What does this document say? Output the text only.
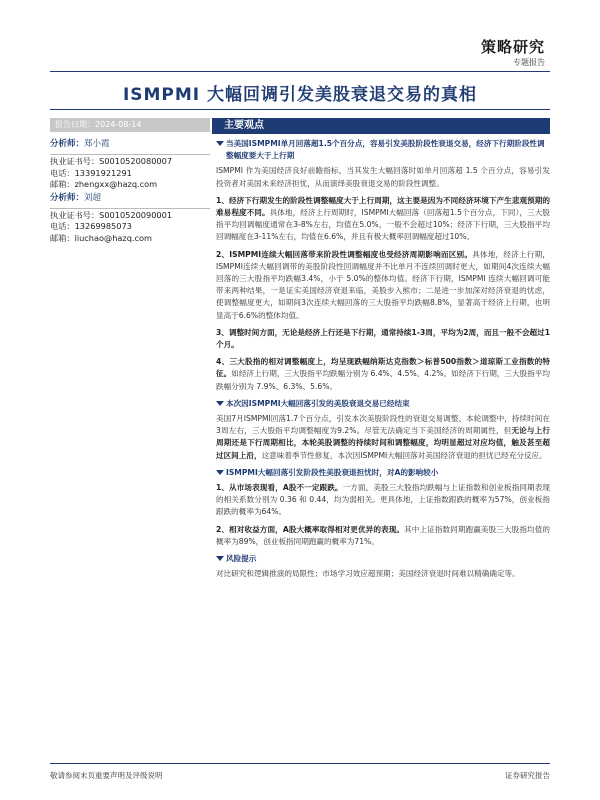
策略研究
专题报告
ISMPMI 大幅回调引发美股衰退交易的真相
报告日期：2024-08-14	主要观点
分析师：郑小霞
执业证书号：S0010520080007
电话：13391921291
邮箱：zhengxx@hazq.com
分析师：刘超
执业证书号：S0010520090001
电话：13269985073
邮箱：liuchao@hazq.com
当美国ISMPMI单月回落超1.5个百分点，容易引发美股阶段性衰退交易，经济下行期阶段性调整幅度要大于上行期
ISMPMI 作为美国经济良好前瞻指标，当其发生大幅回落时如单月回落超 1.5 个百分点，容易引发投资者对美国未来经济担忧，从而演绎美股衰退交易的阶段性调整。
1、经济下行期发生的阶段性调整幅度大于上行周期，这主要是因为不同经济环境下产生悲观预期的难易程度不同。具体地，经济上行周期时，ISMPMI大幅回落（回落超1.5个百分点，下同），三大股指平均回调幅度通常在3-8%左右，均值在5.0%，一般不会超过10%；经济下行期，三大股指平均回调幅度在3-11%左右，均值在6.6%，并且有极大概率回调幅度超过10%。
2、ISMPMI连续大幅回落带来阶段性调整幅度也受经济周期影响而区别。具体地，经济上行期，ISMPMI连续大幅回调带的美股阶段性回调幅度并不比单月不连续回调时更大，如期间4次连续大幅回落的三大股指平均跌幅3.4%，小于 5.0%的整体均值。经济下行期，ISMPMI 连续大幅回调可能带来两种结果，一是证实美国经济衰退来临，美股步入熊市；二是进一步加深对经济衰退的忧虑，使调整幅度更大，如期间3次连续大幅回落的三大股指平均跌幅8.8%，显著高于经济上行期，也明显高于6.6%的整体均值。
3、调整时间方面，无论是经济上行还是下行期，通常持续1-3周，平均为2周，而且一般不会超过1个月。
4、三大股指的相对调整幅度上，均呈现跌幅纳斯达克指数＞标普500指数＞道琼斯工业指数的特征。如经济上行期，三大股指平均跌幅分别为 6.4%、4.5%、4.2%。如经济下行期，三大股指平均跌幅分别为 7.9%、6.3%、5.6%。
本次因ISMPMI大幅回落引发的美股衰退交易已经结束
美国7月ISMPMI回落1.7个百分点，引发本次美股阶段性的衰退交易调整。本轮调整中，持续时间在3周左右，三大股指平均调整幅度为9.2%。尽管无法确定当下美国经济的周期属性，但无论与上行周期还是下行周期相比，本轮美股调整的持续时间和调整幅度，均明显超过对应均值，触及甚至超过区间上沿，这意味着季节性修复，本次因ISMPMI大幅回落对美国经济衰退的担忧已经充分反应。
ISMPMI大幅回落引发阶段性美股衰退担忧时，对A的影响较小
1、从市场表现看，A股不一定跟跌。一方面，美股三大股指均跌幅与上证指数和创业板指同期表现的相关系数分别为 0.36 和 0.44，均为弱相关。更具体地，上证指数跟跌的概率为57%，创业板指跟跌的概率为64%。
2、相对收益方面，A股大概率取得相对更优异的表现。其中上证指数同期跑赢美股三大股指均值的概率为89%，创业板指同期跑赢的概率为71%。
风险提示
对比研究和逻辑推演的局限性；市场学习效应超预期；美国经济衰退时间难以精确确定等。
敬请参阅末页重要声明及评级说明	证券研究报告
